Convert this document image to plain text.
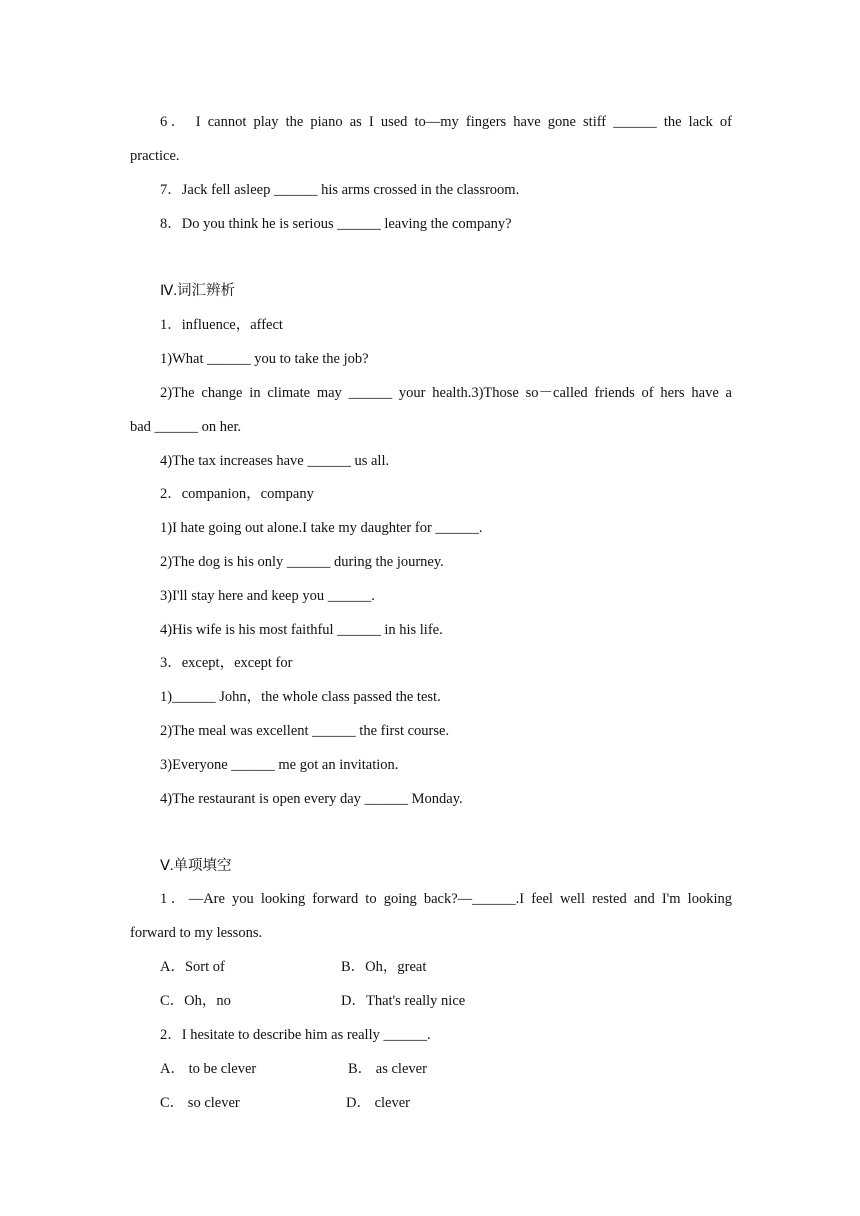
6． I cannot play the piano as I used to—my fingers have gone stiff ______ the lack of
practice.
7．Jack fell asleep ______ his arms crossed in the classroom.
8．Do you think he is serious ______ leaving the company?
Ⅳ.词汇辨析
1．influence，affect
1)What ______ you to take the job?
2)The change in climate may ______ your health.3)Those so－called friends of hers have a
bad ______ on her.
4)The tax increases have ______ us all.
2．companion，company
1)I hate going out alone.I take my daughter for ______.
2)The dog is his only ______ during the journey.
3)I'll stay here and keep you ______.
4)His wife is his most faithful ______ in his life.
3．except，except for
1)______ John，the whole class passed the test.
2)The meal was excellent ______ the first course.
3)Everyone ______ me got an invitation.
4)The restaurant is open every day ______ Monday.
Ⅴ.单项填空
1．—Are you looking forward to going back?—______.I feel well rested and I'm looking
forward to my lessons.
A．Sort of	B．Oh，great
C．Oh，no	D．That's really nice
2．I hesitate to describe him as really ______.
A． to be clever	B． as clever
C． so clever	D． clever
